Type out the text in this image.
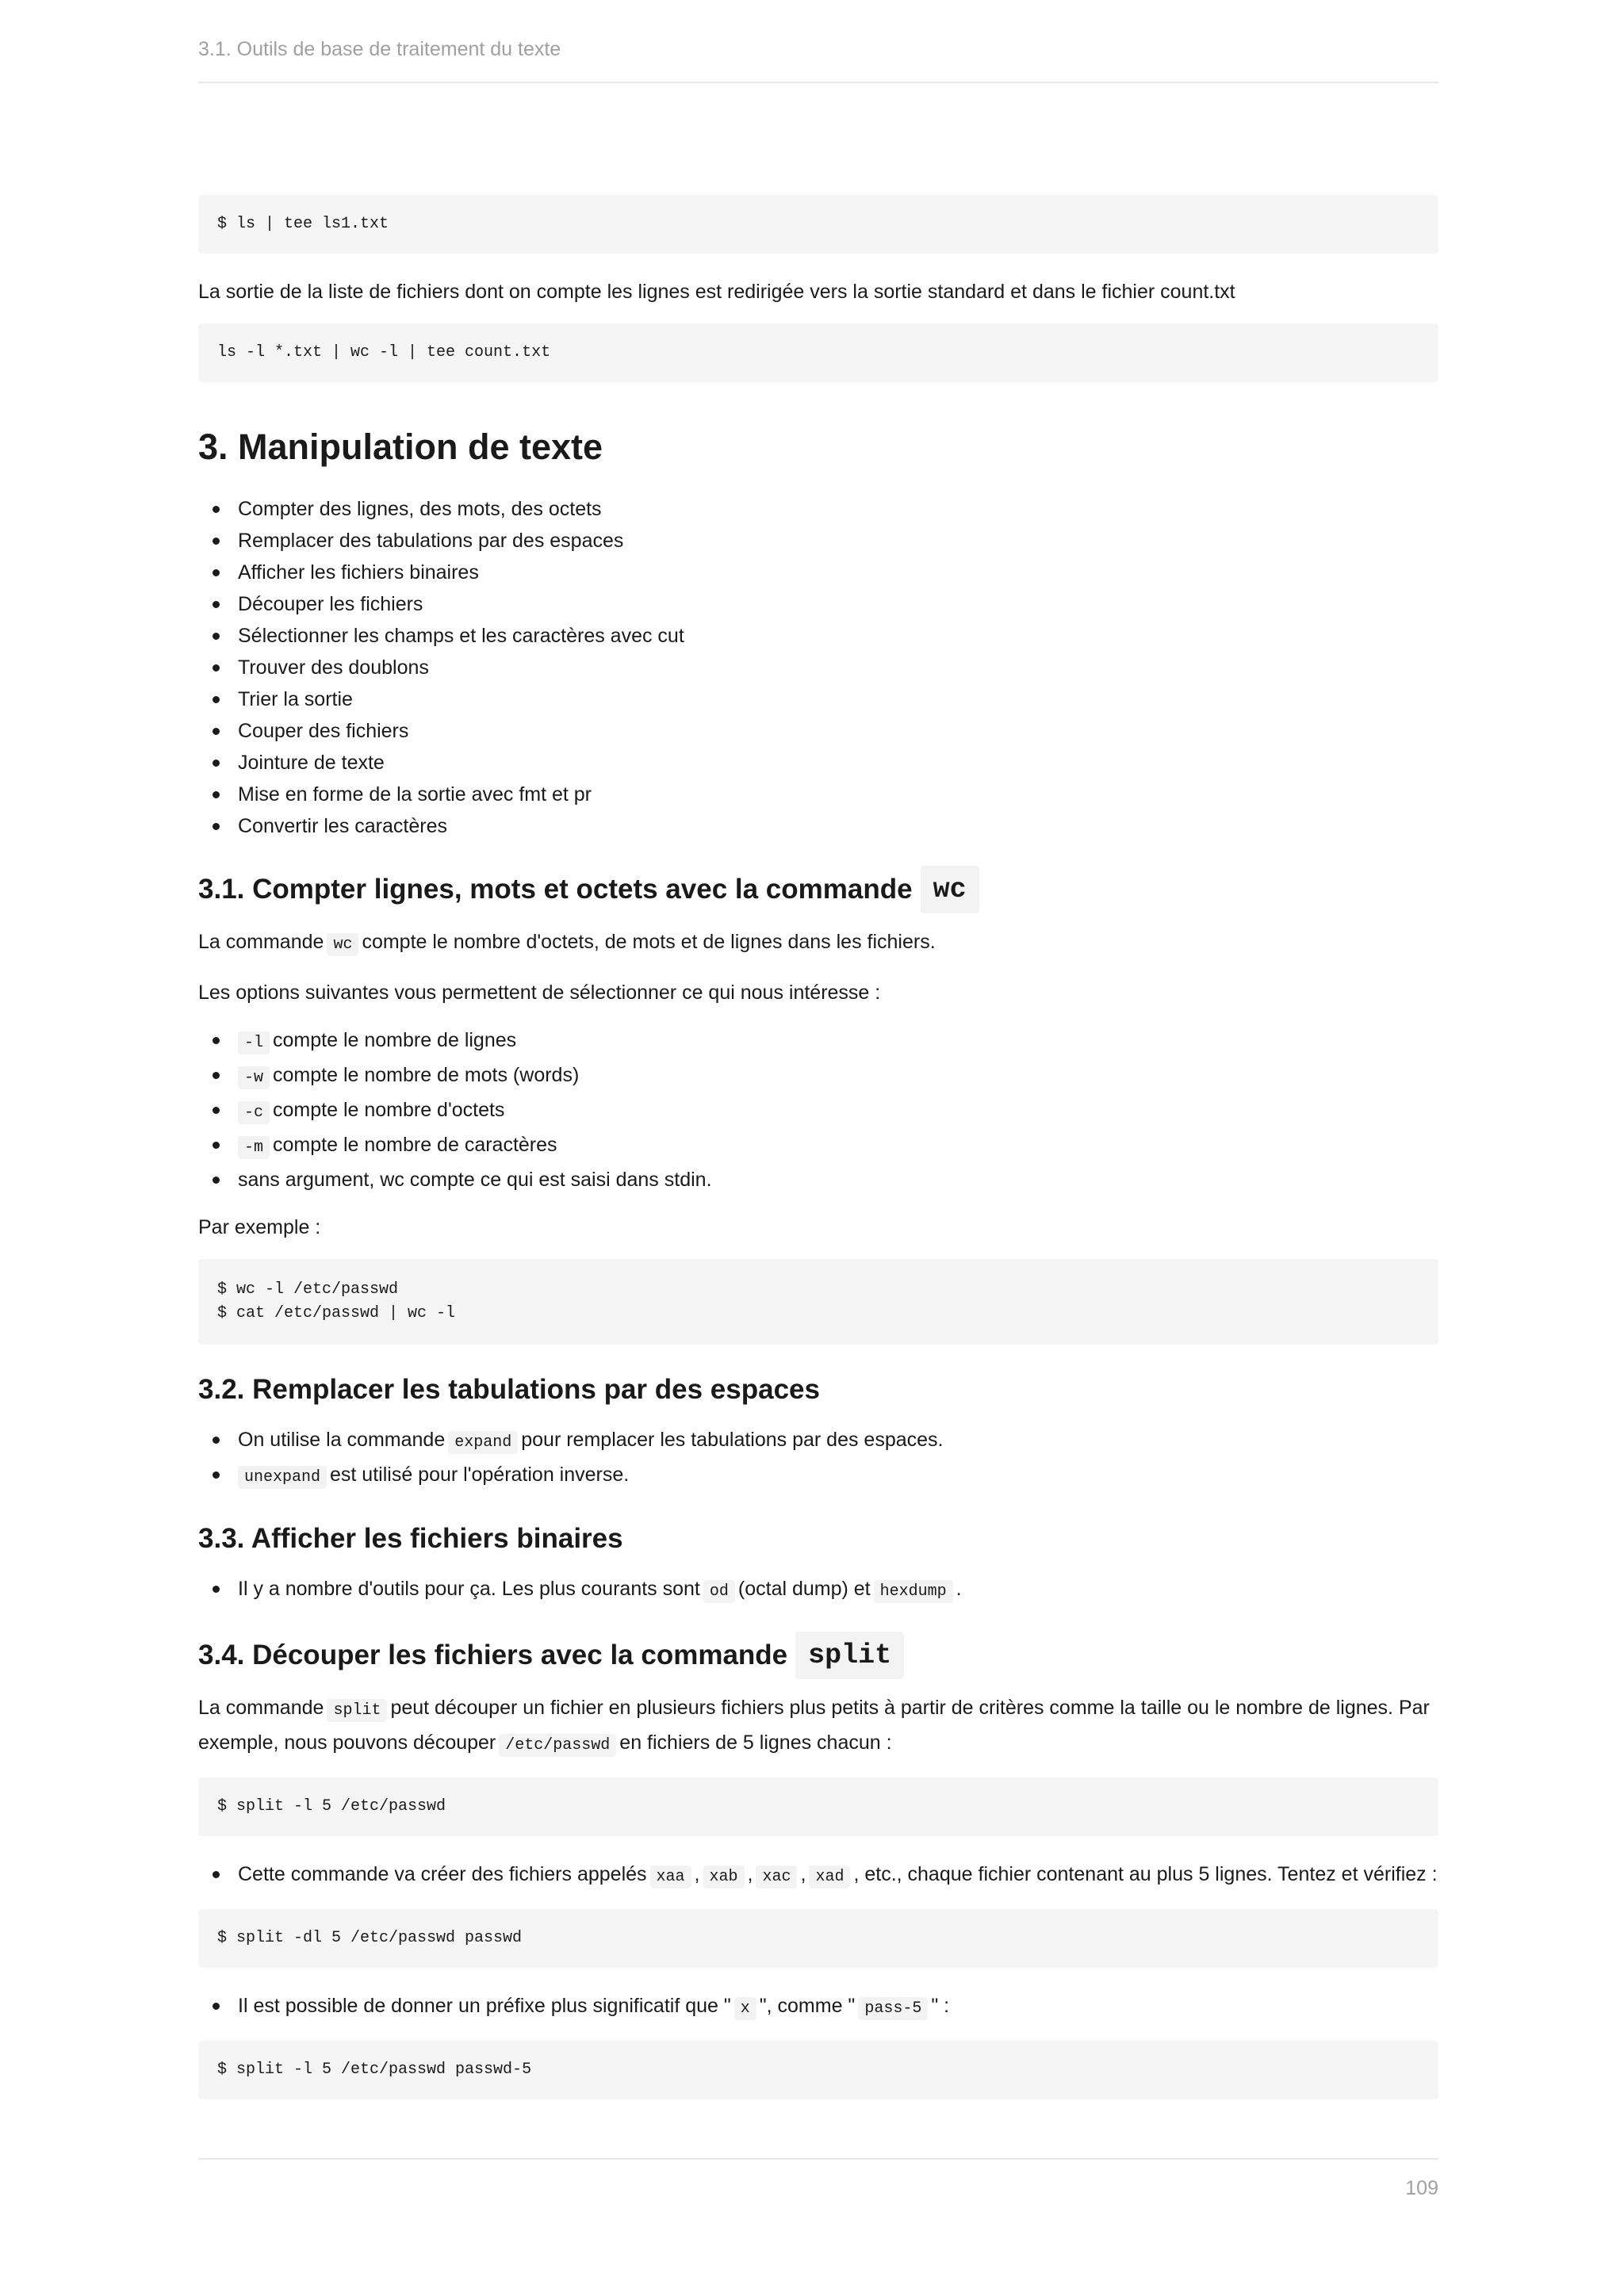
3.1. Outils de base de traitement du texte
$ ls | tee ls1.txt

La sortie de la liste de fichiers dont on compte les lignes est redirigée vers la sortie standard et dans le fichier count.txt

ls -l *.txt | wc -l | tee count.txt
3. Manipulation de texte
Compter des lignes, des mots, des octets
Remplacer des tabulations par des espaces
Afficher les fichiers binaires
Découper les fichiers
Sélectionner les champs et les caractères avec cut
Trouver des doublons
Trier la sortie
Couper des fichiers
Jointure de texte
Mise en forme de la sortie avec fmt et pr
Convertir les caractères
3.1. Compter lignes, mots et octets avec la commande wc

La commande wc compte le nombre d'octets, de mots et de lignes dans les fichiers.

Les options suivantes vous permettent de sélectionner ce qui nous intéresse :

-l compte le nombre de lignes
-w compte le nombre de mots (words)
-c compte le nombre d'octets
-m compte le nombre de caractères
sans argument, wc compte ce qui est saisi dans stdin.

Par exemple :

$ wc -l /etc/passwd
$ cat /etc/passwd | wc -l
3.2. Remplacer les tabulations par des espaces
On utilise la commande expand pour remplacer les tabulations par des espaces.
unexpand est utilisé pour l'opération inverse.
3.3. Afficher les fichiers binaires
Il y a nombre d'outils pour ça. Les plus courants sont od (octal dump) et hexdump .
3.4. Découper les fichiers avec la commande split

La commande split peut découper un fichier en plusieurs fichiers plus petits à partir de critères comme la taille ou le nombre de lignes. Par exemple, nous pouvons découper /etc/passwd en fichiers de 5 lignes chacun :

$ split -l 5 /etc/passwd
Cette commande va créer des fichiers appelés xaa , xab , xac , xad , etc., chaque fichier contenant au plus 5 lignes. Tentez et vérifiez :
$ split -dl 5 /etc/passwd passwd
Il est possible de donner un préfixe plus significatif que " x ", comme " pass-5 " :
$ split -l 5 /etc/passwd passwd-5
109
